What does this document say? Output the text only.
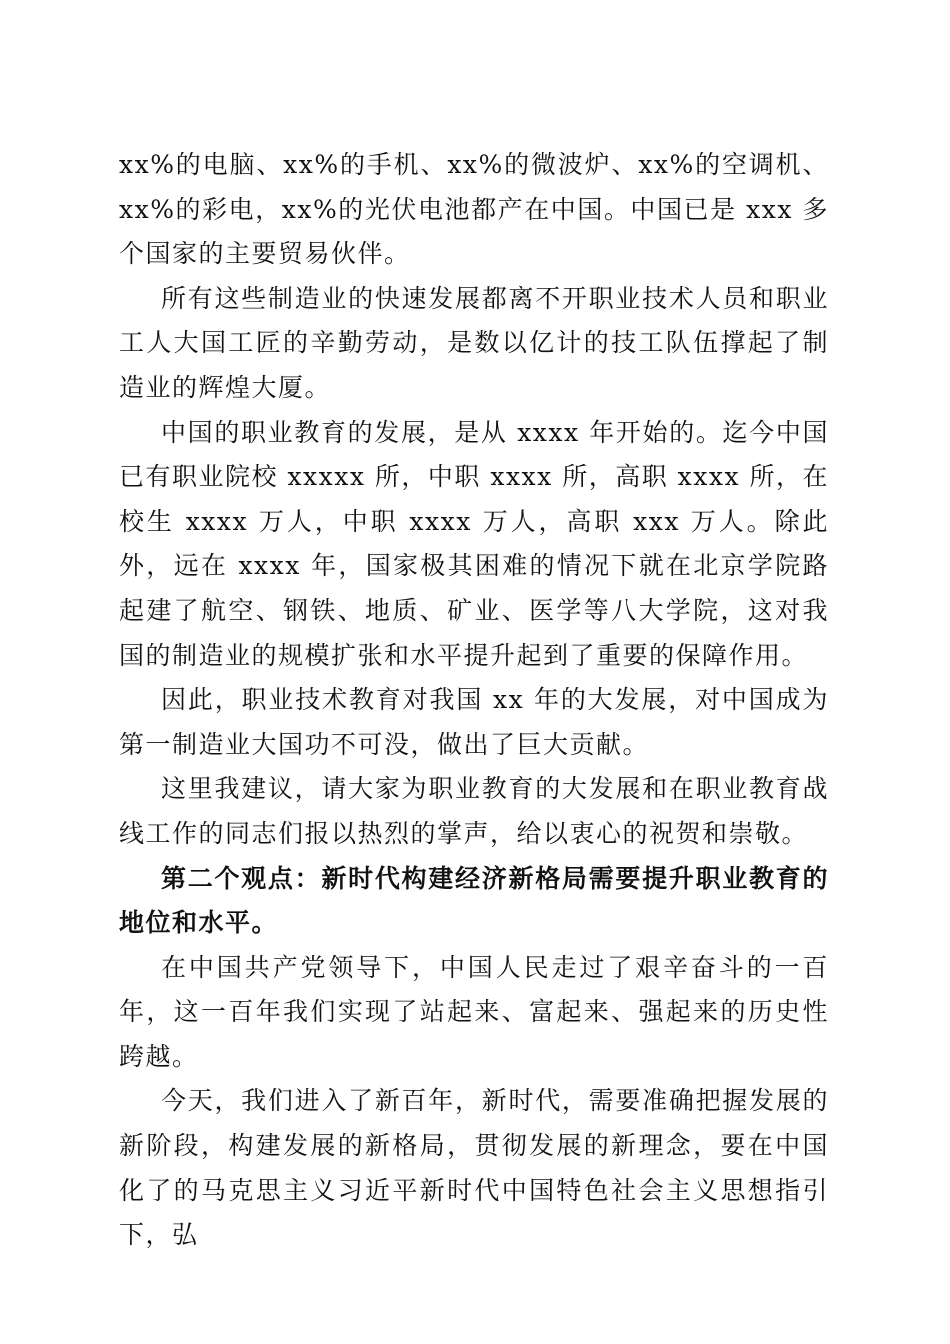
xx%的电脑、xx%的手机、xx%的微波炉、xx%的空调机、xx%的彩电，xx%的光伏电池都产在中国。中国已是 xxx 多个国家的主要贸易伙伴。

所有这些制造业的快速发展都离不开职业技术人员和职业工人大国工匠的辛勤劳动，是数以亿计的技工队伍撑起了制造业的辉煌大厦。

中国的职业教育的发展，是从 xxxx 年开始的。迄今中国已有职业院校 xxxxx 所，中职 xxxx 所，高职 xxxx 所，在校生 xxxx 万人，中职 xxxx 万人，高职 xxx 万人。除此外，远在 xxxx 年，国家极其困难的情况下就在北京学院路起建了航空、钢铁、地质、矿业、医学等八大学院，这对我国的制造业的规模扩张和水平提升起到了重要的保障作用。

因此，职业技术教育对我国 xx 年的大发展，对中国成为第一制造业大国功不可没，做出了巨大贡献。

这里我建议，请大家为职业教育的大发展和在职业教育战线工作的同志们报以热烈的掌声，给以衷心的祝贺和崇敬。

第二个观点：新时代构建经济新格局需要提升职业教育的地位和水平。

在中国共产党领导下，中国人民走过了艰辛奋斗的一百年，这一百年我们实现了站起来、富起来、强起来的历史性跨越。

今天，我们进入了新百年，新时代，需要准确把握发展的新阶段，构建发展的新格局，贯彻发展的新理念，要在中国化了的马克思主义习近平新时代中国特色社会主义思想指引下，弘
